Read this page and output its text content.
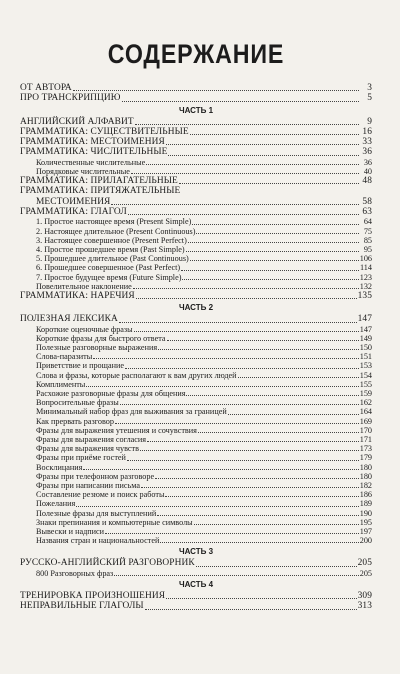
СОДЕРЖАНИЕ
ОТ АВТОРА	3
ПРО ТРАНСКРИПЦИЮ	5
ЧАСТЬ 1
АНГЛИЙСКИЙ АЛФАВИТ	9
ГРАММАТИКА: СУЩЕСТВИТЕЛЬНЫЕ	16
ГРАММАТИКА: МЕСТОИМЕНИЯ	33
ГРАММАТИКА: ЧИСЛИТЕЛЬНЫЕ	36
Количественные числительные	36
Порядковые числительные	40
ГРАММАТИКА: ПРИЛАГАТЕЛЬНЫЕ	48
ГРАММАТИКА: ПРИТЯЖАТЕЛЬНЫЕ
МЕСТОИМЕНИЯ	58
ГРАММАТИКА: ГЛАГОЛ	63
1. Простое настоящее время (Present Simple)	64
2. Настоящее длительное (Present Continuous)	75
3. Настоящее совершенное (Present Perfect)	85
4. Простое прошедшее время (Past Simple)	95
5. Прошедшее длительное (Past Continuous)	106
6. Прошедшее совершенное (Past Perfect)	114
7. Простое будущее время (Future Simple)	123
Повелительное наклонение	132
ГРАММАТИКА: НАРЕЧИЯ	135
ЧАСТЬ 2
ПОЛЕЗНАЯ ЛЕКСИКА	147
Короткие оценочные фразы	147
Короткие фразы для быстрого ответа	149
Полезные разговорные выражения	150
Слова-паразиты	151
Приветствие и прощание	153
Слова и фразы, которые располагают к вам других людей	154
Комплименты	155
Расхожие разговорные фразы для общения	159
Вопросительные фразы	162
Минимальный набор фраз для выживания за границей	164
Как прервать разговор	169
Фразы для выражения утешения и сочувствия	170
Фразы для выражения согласия	171
Фразы для выражения чувств	173
Фразы при приёме гостей	179
Восклицания	180
Фразы при телефонном разговоре	180
Фразы при написании письма	182
Составление резюме и поиск работы	186
Пожелания	189
Полезные фразы для выступлений	190
Знаки препинания и компьютерные символы	195
Вывески и надписи	197
Названия стран и национальностей	200
ЧАСТЬ 3
РУССКО-АНГЛИЙСКИЙ РАЗГОВОРНИК	205
800 Разговорных фраз	205
ЧАСТЬ 4
ТРЕНИРОВКА ПРОИЗНОШЕНИЯ	309
НЕПРАВИЛЬНЫЕ ГЛАГОЛЫ	313
